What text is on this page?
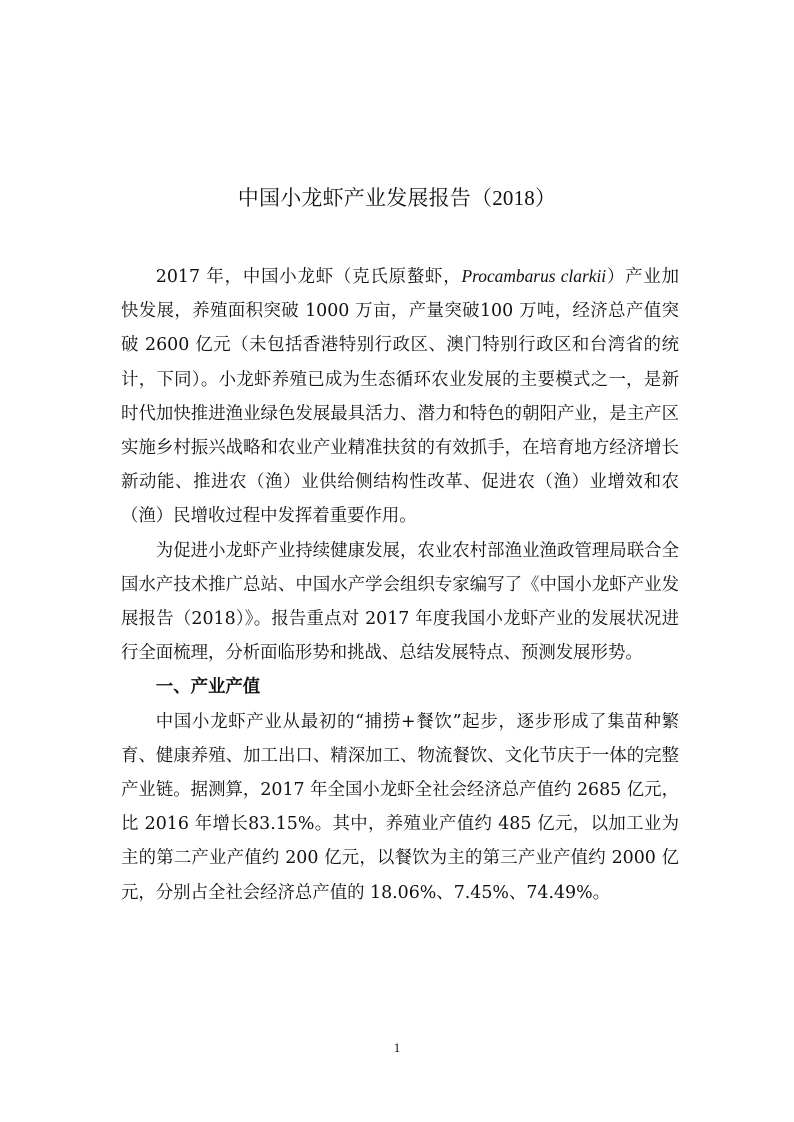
中国小龙虾产业发展报告（2018）

2017 年，中国小龙虾（克氏原螯虾，Procambarus clarkii）产业加快发展，养殖面积突破 1000 万亩，产量突破100 万吨，经济总产值突破 2600 亿元（未包括香港特别行政区、澳门特别行政区和台湾省的统计，下同）。小龙虾养殖已成为生态循环农业发展的主要模式之一，是新时代加快推进渔业绿色发展最具活力、潜力和特色的朝阳产业，是主产区实施乡村振兴战略和农业产业精准扶贫的有效抓手，在培育地方经济增长新动能、推进农（渔）业供给侧结构性改革、促进农（渔）业增效和农（渔）民增收过程中发挥着重要作用。

为促进小龙虾产业持续健康发展，农业农村部渔业渔政管理局联合全国水产技术推广总站、中国水产学会组织专家编写了《中国小龙虾产业发展报告（2018）》。报告重点对 2017 年度我国小龙虾产业的发展状况进行全面梳理，分析面临形势和挑战、总结发展特点、预测发展形势。

一、产业产值

中国小龙虾产业从最初的“捕捞+餐饮”起步，逐步形成了集苗种繁育、健康养殖、加工出口、精深加工、物流餐饮、文化节庆于一体的完整产业链。据测算，2017 年全国小龙虾全社会经济总产值约 2685 亿元，比 2016 年增长83.15%。其中，养殖业产值约 485 亿元，以加工业为主的第二产业产值约 200 亿元，以餐饮为主的第三产业产值约 2000 亿元，分别占全社会经济总产值的 18.06%、7.45%、74.49%。

1
